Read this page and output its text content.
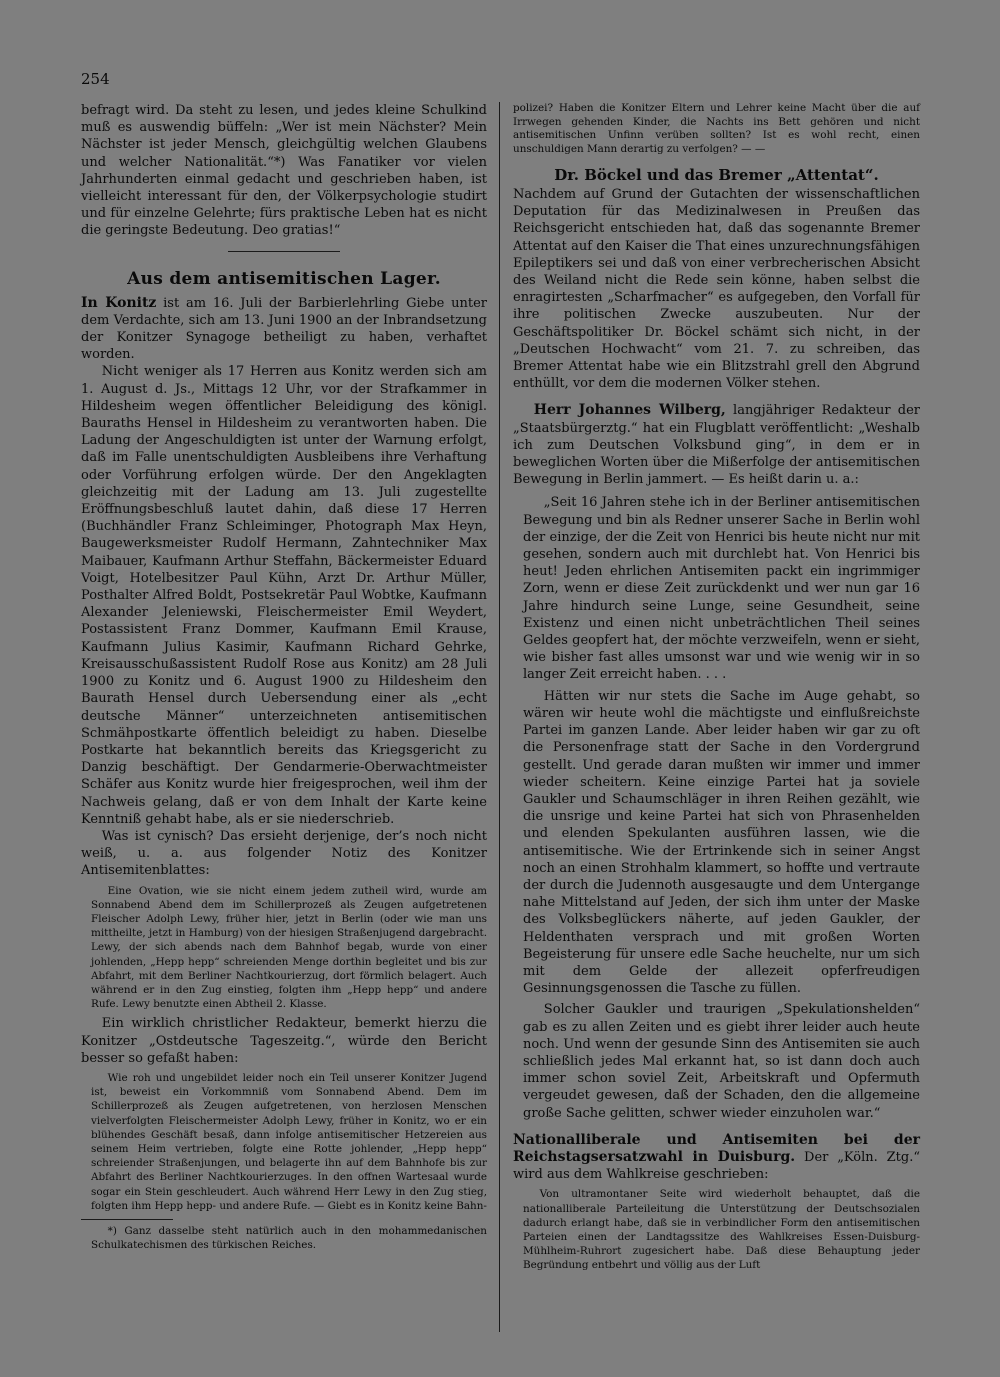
254

befragt wird. Da steht zu lesen, und jedes kleine Schulkind muß es auswendig büffeln: „Wer ist mein Nächster? Mein Nächster ist jeder Mensch, gleichgültig welchen Glaubens und welcher Nationalität.“*) Was Fanatiker vor vielen Jahrhunderten einmal gedacht und geschrieben haben, ist vielleicht interessant für den, der Völkerpsychologie studirt und für einzelne Gelehrte; fürs praktische Leben hat es nicht die geringste Bedeutung. Deo gratias!“

Aus dem antisemitischen Lager.

In Konitz ist am 16. Juli der Barbierlehrling Giebe unter dem Verdachte, sich am 13. Juni 1900 an der Inbrandsetzung der Konitzer Synagoge betheiligt zu haben, verhaftet worden.

Nicht weniger als 17 Herren aus Konitz werden sich am 1. August d. Js., Mittags 12 Uhr, vor der Strafkammer in Hildesheim wegen öffentlicher Beleidigung des königl. Bauraths Hensel in Hildesheim zu verantworten haben. Die Ladung der Angeschuldigten ist unter der Warnung erfolgt, daß im Falle unentschuldigten Ausbleibens ihre Verhaftung oder Vorführung erfolgen würde. Der den Angeklagten gleichzeitig mit der Ladung am 13. Juli zugestellte Eröffnungsbeschluß lautet dahin, daß diese 17 Herren (Buchhändler Franz Schleiminger, Photograph Max Heyn, Baugewerksmeister Rudolf Hermann, Zahntechniker Max Maibauer, Kaufmann Arthur Steffahn, Bäckermeister Eduard Voigt, Hotelbesitzer Paul Kühn, Arzt Dr. Arthur Müller, Posthalter Alfred Boldt, Postsekretär Paul Wobtke, Kaufmann Alexander Jeleniewski, Fleischermeister Emil Weydert, Postassistent Franz Dommer, Kaufmann Emil Krause, Kaufmann Julius Kasimir, Kaufmann Richard Gehrke, Kreisausschußassistent Rudolf Rose aus Konitz) am 28 Juli 1900 zu Konitz und 6. August 1900 zu Hildesheim den Baurath Hensel durch Uebersendung einer als „echt deutsche Männer“ unterzeichneten antisemitischen Schmähpostkarte öffentlich beleidigt zu haben. Dieselbe Postkarte hat bekanntlich bereits das Kriegsgericht zu Danzig beschäftigt. Der Gendarmerie-Oberwachtmeister Schäfer aus Konitz wurde hier freigesprochen, weil ihm der Nachweis gelang, daß er von dem Inhalt der Karte keine Kenntniß gehabt habe, als er sie niederschrieb.

Was ist cynisch? Das ersieht derjenige, der’s noch nicht weiß, u. a. aus folgender Notiz des Konitzer Antisemitenblattes:

Eine Ovation, wie sie nicht einem jedem zutheil wird, wurde am Sonnabend Abend dem im Schillerprozeß als Zeugen aufgetretenen Fleischer Adolph Lewy, früher hier, jetzt in Berlin (oder wie man uns mittheilte, jetzt in Hamburg) von der hiesigen Straßenjugend dargebracht. Lewy, der sich abends nach dem Bahnhof begab, wurde von einer johlenden, „Hepp hepp“ schreienden Menge dorthin begleitet und bis zur Abfahrt, mit dem Berliner Nachtkourierzug, dort förmlich belagert. Auch während er in den Zug einstieg, folgten ihm „Hepp hepp“ und andere Rufe. Lewy benutzte einen Abtheil 2. Klasse.

Ein wirklich christlicher Redakteur, bemerkt hierzu die Konitzer „Ostdeutsche Tageszeitg.“, würde den Bericht besser so gefaßt haben:

Wie roh und ungebildet leider noch ein Teil unserer Konitzer Jugend ist, beweist ein Vorkommniß vom Sonnabend Abend. Dem im Schillerprozeß als Zeugen aufgetretenen, von herzlosen Menschen vielverfolgten Fleischermeister Adolph Lewy, früher in Konitz, wo er ein blühendes Geschäft besaß, dann infolge antisemitischer Hetzereien aus seinem Heim vertrieben, folgte eine Rotte johlender, „Hepp hepp“ schreiender Straßenjungen, und belagerte ihn auf dem Bahnhofe bis zur Abfahrt des Berliner Nachtkourierzuges. In den offnen Wartesaal wurde sogar ein Stein geschleudert. Auch während Herr Lewy in den Zug stieg, folgten ihm Hepp hepp- und andere Rufe. — Giebt es in Konitz keine Bahn-

*) Ganz dasselbe steht natürlich auch in den mohammedanischen Schulkatechismen des türkischen Reiches.

polizei? Haben die Konitzer Eltern und Lehrer keine Macht über die auf Irrwegen gehenden Kinder, die Nachts ins Bett gehören und nicht antisemitischen Unfinn verüben sollten? Ist es wohl recht, einen unschuldigen Mann derartig zu verfolgen? — —

Dr. Böckel und das Bremer „Attentat“.

Nachdem auf Grund der Gutachten der wissenschaftlichen Deputation für das Medizinalwesen in Preußen das Reichsgericht entschieden hat, daß das sogenannte Bremer Attentat auf den Kaiser die That eines unzurechnungsfähigen Epileptikers sei und daß von einer verbrecherischen Absicht des Weiland nicht die Rede sein könne, haben selbst die enragirtesten „Scharfmacher“ es aufgegeben, den Vorfall für ihre politischen Zwecke auszubeuten. Nur der Geschäftspolitiker Dr. Böckel schämt sich nicht, in der „Deutschen Hochwacht“ vom 21. 7. zu schreiben, das Bremer Attentat habe wie ein Blitzstrahl grell den Abgrund enthüllt, vor dem die modernen Völker stehen.

Herr Johannes Wilberg, langjähriger Redakteur der „Staatsbürgerztg.“ hat ein Flugblatt veröffentlicht: „Weshalb ich zum Deutschen Volksbund ging“, in dem er in beweglichen Worten über die Mißerfolge der antisemitischen Bewegung in Berlin jammert. — Es heißt darin u. a.:

„Seit 16 Jahren stehe ich in der Berliner antisemitischen Bewegung und bin als Redner unserer Sache in Berlin wohl der einzige, der die Zeit von Henrici bis heute nicht nur mit gesehen, sondern auch mit durchlebt hat. Von Henrici bis heut! Jeden ehrlichen Antisemiten packt ein ingrimmiger Zorn, wenn er diese Zeit zurückdenkt und wer nun gar 16 Jahre hindurch seine Lunge, seine Gesundheit, seine Existenz und einen nicht unbeträchtlichen Theil seines Geldes geopfert hat, der möchte verzweifeln, wenn er sieht, wie bisher fast alles umsonst war und wie wenig wir in so langer Zeit erreicht haben. . . .

Hätten wir nur stets die Sache im Auge gehabt, so wären wir heute wohl die mächtigste und einflußreichste Partei im ganzen Lande. Aber leider haben wir gar zu oft die Personenfrage statt der Sache in den Vordergrund gestellt. Und gerade daran mußten wir immer und immer wieder scheitern. Keine einzige Partei hat ja soviele Gaukler und Schaumschläger in ihren Reihen gezählt, wie die unsrige und keine Partei hat sich von Phrasenhelden und elenden Spekulanten ausführen lassen, wie die antisemitische. Wie der Ertrinkende sich in seiner Angst noch an einen Strohhalm klammert, so hoffte und vertraute der durch die Judennoth ausgesaugte und dem Untergange nahe Mittelstand auf Jeden, der sich ihm unter der Maske des Volksbeglückers näherte, auf jeden Gaukler, der Heldenthaten versprach und mit großen Worten Begeisterung für unsere edle Sache heuchelte, nur um sich mit dem Gelde der allezeit opferfreudigen Gesinnungsgenossen die Tasche zu füllen.

Solcher Gaukler und traurigen „Spekulationshelden“ gab es zu allen Zeiten und es giebt ihrer leider auch heute noch. Und wenn der gesunde Sinn des Antisemiten sie auch schließlich jedes Mal erkannt hat, so ist dann doch auch immer schon soviel Zeit, Arbeitskraft und Opfermuth vergeudet gewesen, daß der Schaden, den die allgemeine große Sache gelitten, schwer wieder einzuholen war.“

Nationalliberale und Antisemiten bei der Reichstagsersatzwahl in Duisburg. Der „Köln. Ztg.“ wird aus dem Wahlkreise geschrieben:

Von ultramontaner Seite wird wiederholt behauptet, daß die nationalliberale Parteileitung die Unterstützung der Deutschsozialen dadurch erlangt habe, daß sie in verbindlicher Form den antisemitischen Parteien einen der Landtagssitze des Wahlkreises Essen-Duisburg-Mühlheim-Ruhrort zugesichert habe. Daß diese Behauptung jeder Begründung entbehrt und völlig aus der Luft
